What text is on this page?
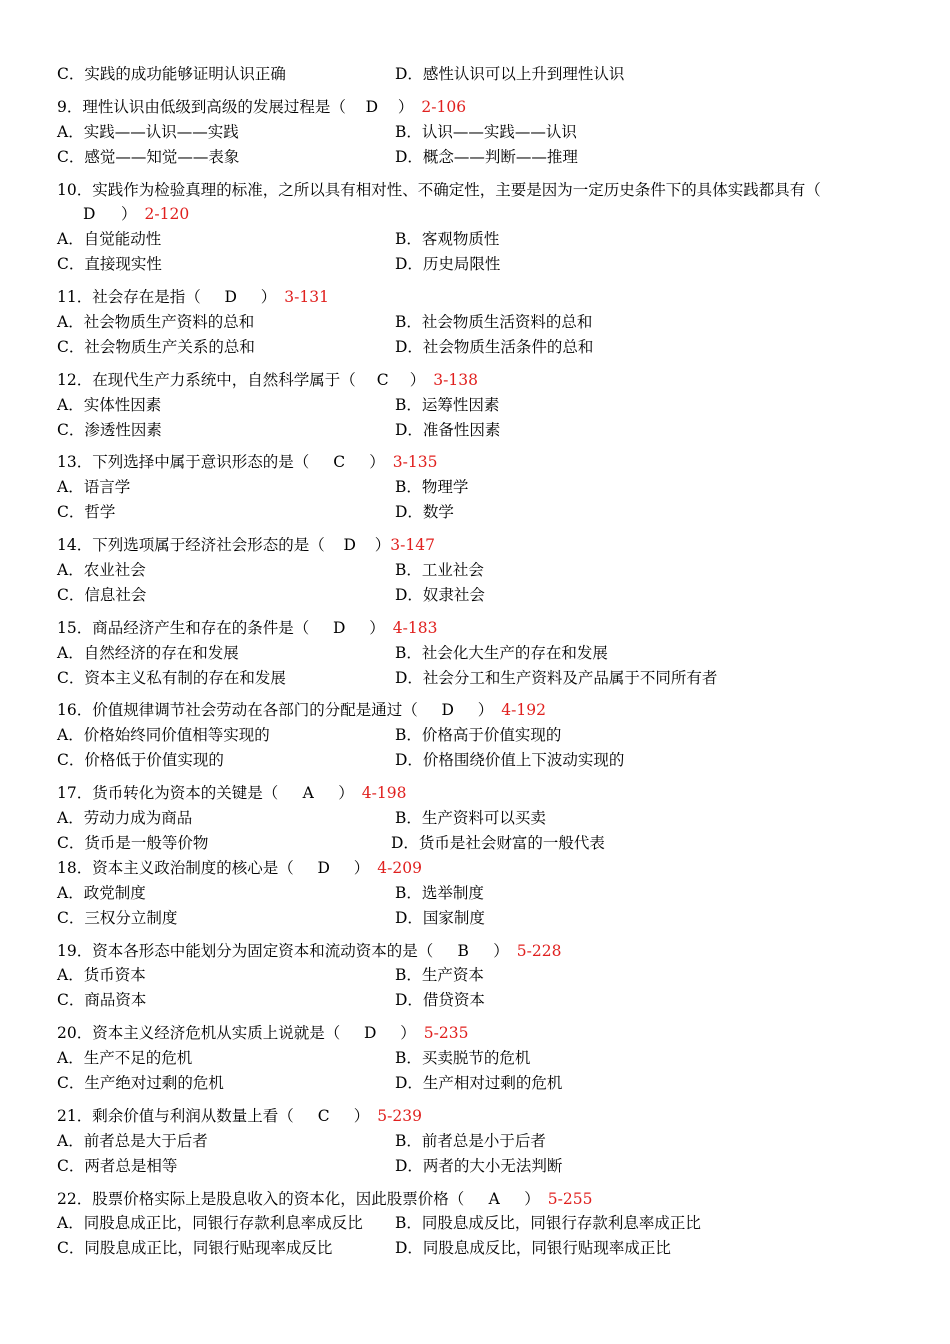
C．实践的成功能够证明认识正确	D．感性认识可以上升到理性认识
9．理性认识由低级到高级的发展过程是（ D ） 2-106
A．实践——认识——实践	B．认识——实践——认识
C．感觉——知觉——表象	D．概念——判断——推理
10．实践作为检验真理的标准，之所以具有相对性、不确定性，主要是因为一定历史条件下的具体实践都具有（
D ） 2-120
A．自觉能动性	B．客观物质性
C．直接现实性	D．历史局限性
11．社会存在是指（ D ） 3-131
A．社会物质生产资料的总和	B．社会物质生活资料的总和
C．社会物质生产关系的总和	D．社会物质生活条件的总和
12．在现代生产力系统中，自然科学属于（ C ） 3-138
A．实体性因素	B．运筹性因素
C．渗透性因素	D．准备性因素
13．下列选择中属于意识形态的是（ C ） 3-135
A．语言学	B．物理学
C．哲学	D．数学
14．下列选项属于经济社会形态的是（ D ）3-147
A．农业社会	B．工业社会
C．信息社会	D．奴隶社会
15．商品经济产生和存在的条件是（ D ） 4-183
A．自然经济的存在和发展	B．社会化大生产的存在和发展
C．资本主义私有制的存在和发展	D．社会分工和生产资料及产品属于不同所有者
16．价值规律调节社会劳动在各部门的分配是通过（ D ） 4-192
A．价格始终同价值相等实现的	B．价格高于价值实现的
C．价格低于价值实现的	D．价格围绕价值上下波动实现的
17．货币转化为资本的关键是（ A ） 4-198
A．劳动力成为商品	B．生产资料可以买卖
C．货币是一般等价物	D．货币是社会财富的一般代表
18．资本主义政治制度的核心是（ D ） 4-209
A．政党制度	B．选举制度
C．三权分立制度	D．国家制度
19．资本各形态中能划分为固定资本和流动资本的是（ B ） 5-228
A．货币资本	B．生产资本
C．商品资本	D．借贷资本
20．资本主义经济危机从实质上说就是（ D ） 5-235
A．生产不足的危机	B．买卖脱节的危机
C．生产绝对过剩的危机	D．生产相对过剩的危机
21．剩余价值与利润从数量上看（ C ） 5-239
A．前者总是大于后者	B．前者总是小于后者
C．两者总是相等	D．两者的大小无法判断
22．股票价格实际上是股息收入的资本化，因此股票价格（ A ） 5-255
A．同股息成正比，同银行存款利息率成反比 B．同股息成反比，同银行存款利息率成正比
C．同股息成正比，同银行贴现率成反比	D．同股息成反比，同银行贴现率成正比
